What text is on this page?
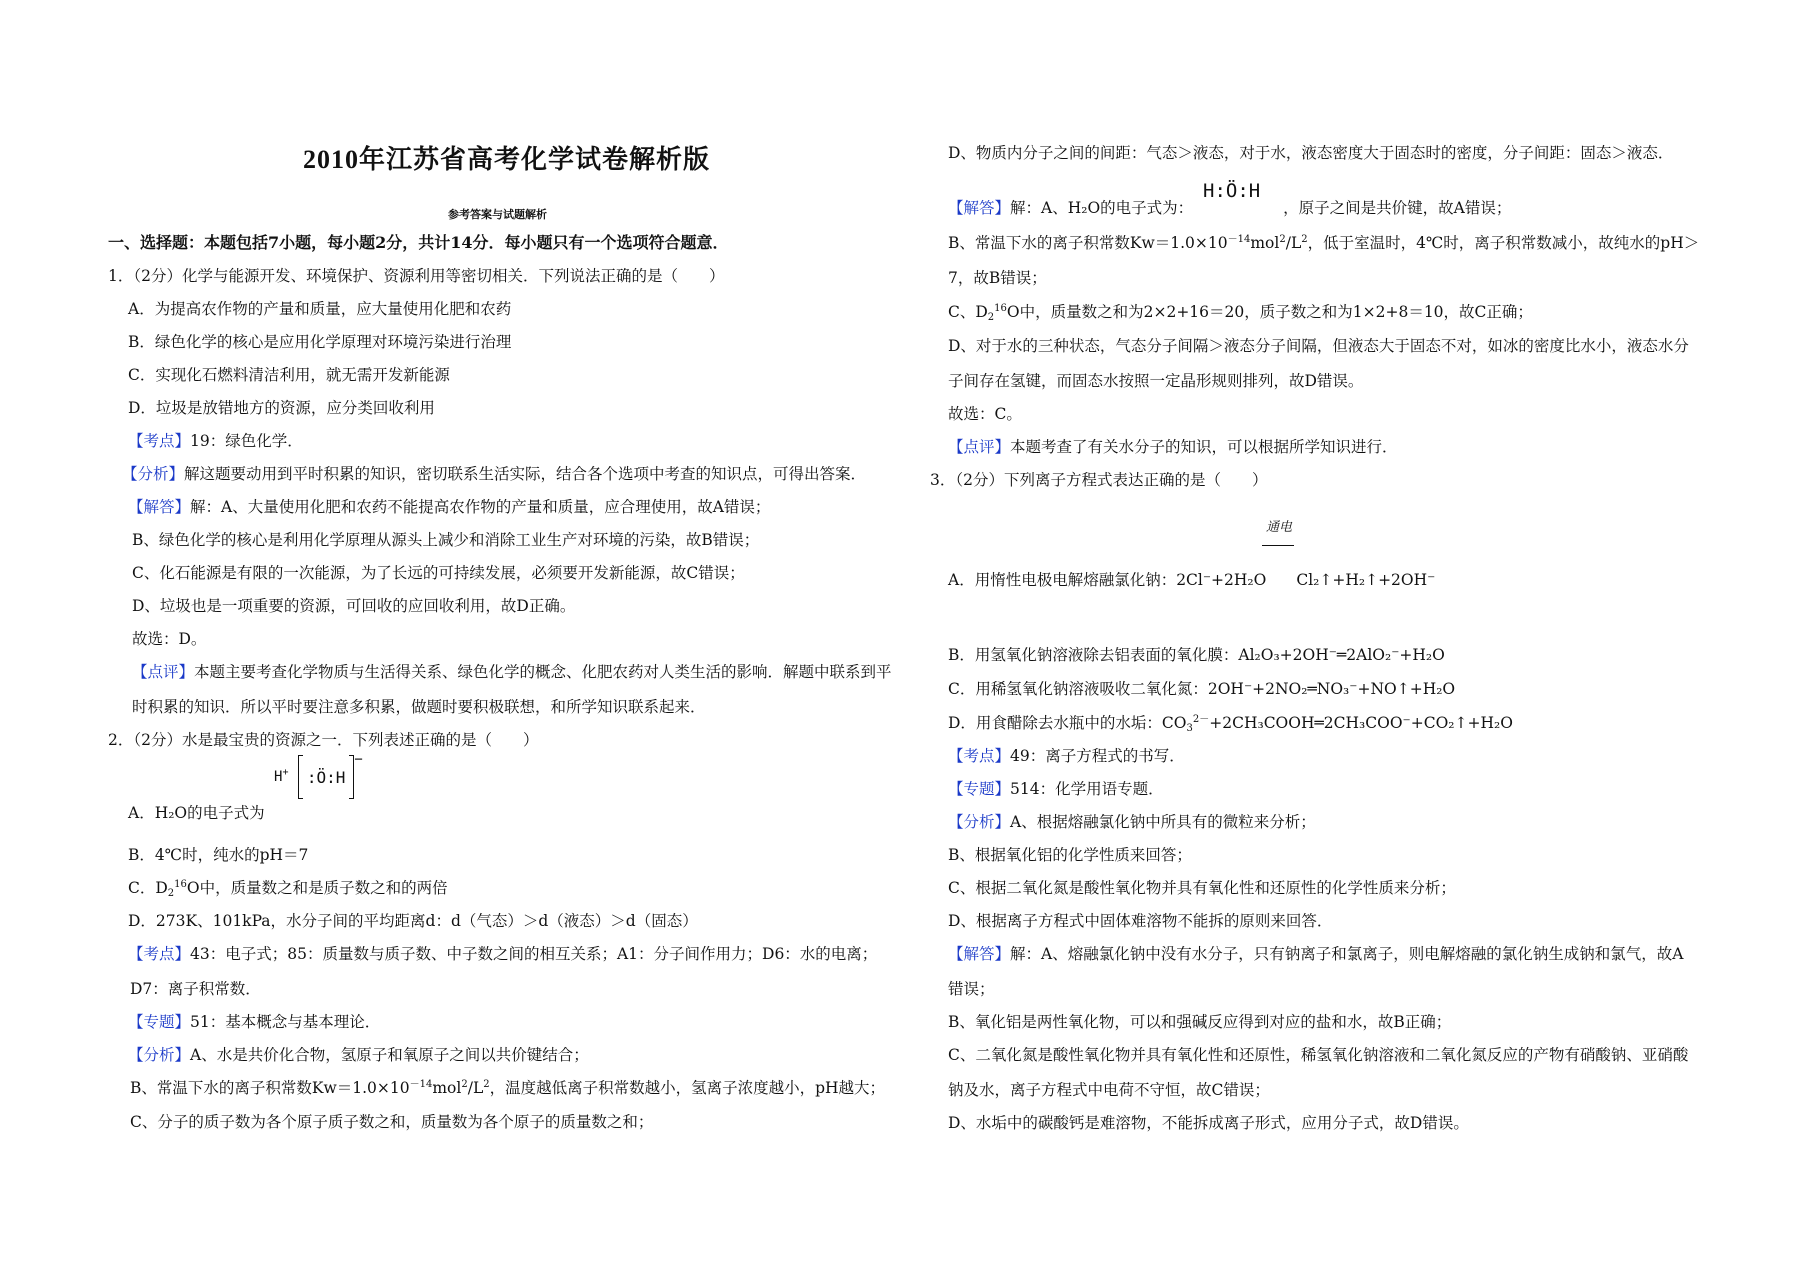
2010年江苏省高考化学试卷解析版
参考答案与试题解析
一、选择题：本题包括7小题，每小题2分，共计14分．每小题只有一个选项符合题意．
1．（2分）化学与能源开发、环境保护、资源利用等密切相关．下列说法正确的是（　　）
A．为提高农作物的产量和质量，应大量使用化肥和农药
B．绿色化学的核心是应用化学原理对环境污染进行治理
C．实现化石燃料清洁利用，就无需开发新能源
D．垃圾是放错地方的资源，应分类回收利用
【考点】19：绿色化学．
【分析】解这题要动用到平时积累的知识，密切联系生活实际，结合各个选项中考查的知识点，可得出答案．
【解答】解：A、大量使用化肥和农药不能提高农作物的产量和质量，应合理使用，故A错误；
B、绿色化学的核心是利用化学原理从源头上减少和消除工业生产对环境的污染，故B错误；
C、化石能源是有限的一次能源，为了长远的可持续发展，必须要开发新能源，故C错误；
D、垃圾也是一项重要的资源，可回收的应回收利用，故D正确。
故选：D。
【点评】本题主要考查化学物质与生活得关系、绿色化学的概念、化肥农药对人类生活的影响．解题中联系到平
时积累的知识．所以平时要注意多积累，做题时要积极联想，和所学知识联系起来．
2．（2分）水是最宝贵的资源之一．下列表述正确的是（　　）
H+ :Ö:H−
A．H₂O的电子式为
B．4℃时，纯水的pH＝7
C．$D_2^{16}O$中，质量数之和是质子数之和的两倍
D．273K、101kPa，水分子间的平均距离d：d（气态）＞d（液态）＞d（固态）
【考点】43：电子式；85：质量数与质子数、中子数之间的相互关系；A1：分子间作用力；D6：水的电离；
D7：离子积常数．
【专题】51：基本概念与基本理论．
【分析】A、水是共价化合物，氢原子和氧原子之间以共价键结合；
B、常温下水的离子积常数$Kw=1.0\times 10^{-14}mol^2/L^2$，温度越低离子积常数越小，氢离子浓度越小，pH越大；
C、分子的质子数为各个原子质子数之和，质量数为各个原子的质量数之和；
D、物质内分子之间的间距：气态＞液态，对于水，液态密度大于固态时的密度，分子间距：固态＞液态．
H:Ö:H
【解答】解：A、H₂O的电子式为：	，原子之间是共价键，故A错误；
B、常温下水的离子积常数$Kw=1.0\times 10^{-14}mol^2/L^2$，低于室温时，4℃时，离子积常数减小，故纯水的pH＞
7，故B错误；
C、$D_2^{16}O$中，质量数之和为2×2+16＝20，质子数之和为1×2+8＝10，故C正确；
D、对于水的三种状态，气态分子间隔＞液态分子间隔，但液态大于固态不对，如冰的密度比水小，液态水分
子间存在氢键，而固态水按照一定晶形规则排列，故D错误。
故选：C。
【点评】本题考查了有关水分子的知识，可以根据所学知识进行．
3．（2分）下列离子方程式表达正确的是（　　）
通电
A．用惰性电极电解熔融氯化钠：2Cl⁻+2H₂O Cl₂↑+H₂↑+2OH⁻
B．用氢氧化钠溶液除去铝表面的氧化膜：Al₂O₃+2OH⁻═2AlO₂⁻+H₂O
C．用稀氢氧化钠溶液吸收二氧化氮：2OH⁻+2NO₂═NO₃⁻+NO↑+H₂O
D．用食醋除去水瓶中的水垢：$CO_3^{2-}+2CH_3COOH═2CH_3COO^-+CO_2↑+H_2O$
【考点】49：离子方程式的书写．
【专题】514：化学用语专题．
【分析】A、根据熔融氯化钠中所具有的微粒来分析；
B、根据氧化铝的化学性质来回答；
C、根据二氧化氮是酸性氧化物并具有氧化性和还原性的化学性质来分析；
D、根据离子方程式中固体难溶物不能拆的原则来回答．
【解答】解：A、熔融氯化钠中没有水分子，只有钠离子和氯离子，则电解熔融的氯化钠生成钠和氯气，故A
错误；
B、氧化铝是两性氧化物，可以和强碱反应得到对应的盐和水，故B正确；
C、二氧化氮是酸性氧化物并具有氧化性和还原性，稀氢氧化钠溶液和二氧化氮反应的产物有硝酸钠、亚硝酸
钠及水，离子方程式中电荷不守恒，故C错误；
D、水垢中的碳酸钙是难溶物，不能拆成离子形式，应用分子式，故D错误。
